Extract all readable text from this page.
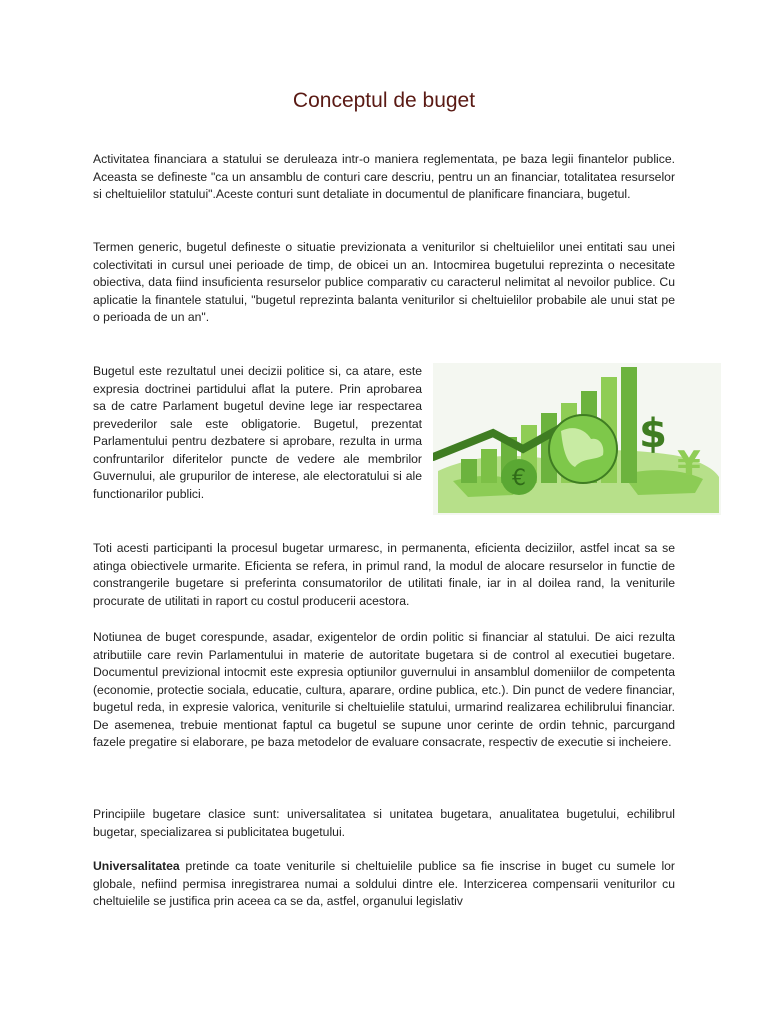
Conceptul de buget

Activitatea financiara a statului se deruleaza intr-o maniera reglementata, pe baza legii finantelor publice. Aceasta se defineste "ca un ansamblu de conturi care descriu, pentru un an financiar, totalitatea resurselor si cheltuielilor statului".Aceste conturi sunt detaliate in documentul de planificare financiara, bugetul.

Termen generic, bugetul defineste o situatie previzionata a veniturilor si cheltuielilor unei entitati sau unei colectivitati in cursul unei perioade de timp, de obicei un an. Intocmirea bugetului reprezinta o necesitate obiectiva, data fiind insuficienta resurselor publice comparativ cu caracterul nelimitat al nevoilor publice. Cu aplicatie la finantele statului, "bugetul reprezinta balanta veniturilor si cheltuielilor probabile ale unui stat pe o perioada de un an".

Bugetul este rezultatul unei decizii politice si, ca atare, este expresia doctrinei partidului aflat la putere. Prin aprobarea sa de catre Parlament bugetul devine lege iar respectarea prevederilor sale este obligatorie. Bugetul, prezentat Parlamentului pentru dezbatere si aprobare, rezulta in urma confruntarilor diferitelor puncte de vedere ale membrilor Guvernului, ale grupurilor de interese, ale electoratului si ale functionarilor publici.

€
$
¥

Toti acesti participanti la procesul bugetar urmaresc, in permanenta, eficienta deciziilor, astfel incat sa se atinga obiectivele urmarite. Eficienta se refera, in primul rand, la modul de alocare resurselor in functie de constrangerile bugetare si preferinta consumatorilor de utilitati finale, iar in al doilea rand, la veniturile procurate de utilitati in raport cu costul producerii acestora.

Notiunea de buget corespunde, asadar, exigentelor de ordin politic si financiar al statului. De aici rezulta atributiile care revin Parlamentului in materie de autoritate bugetara si de control al executiei bugetare. Documentul previzional intocmit este expresia optiunilor guvernului in ansamblul domeniilor de competenta (economie, protectie sociala, educatie, cultura, aparare, ordine publica, etc.). Din punct de vedere financiar, bugetul reda, in expresie valorica, veniturile si cheltuielile statului, urmarind realizarea echilibrului financiar. De asemenea, trebuie mentionat faptul ca bugetul se supune unor cerinte de ordin tehnic, parcurgand fazele pregatire si elaborare, pe baza metodelor de evaluare consacrate, respectiv de executie si incheiere.

Principiile bugetare clasice sunt: universalitatea si unitatea bugetara, anualitatea bugetului, echilibrul bugetar, specializarea si publicitatea bugetului.

Universalitatea pretinde ca toate veniturile si cheltuielile publice sa fie inscrise in buget cu sumele lor globale, nefiind permisa inregistrarea numai a soldului dintre ele. Interzicerea compensarii veniturilor cu cheltuielile se justifica prin aceea ca se da, astfel, organului legislativ
